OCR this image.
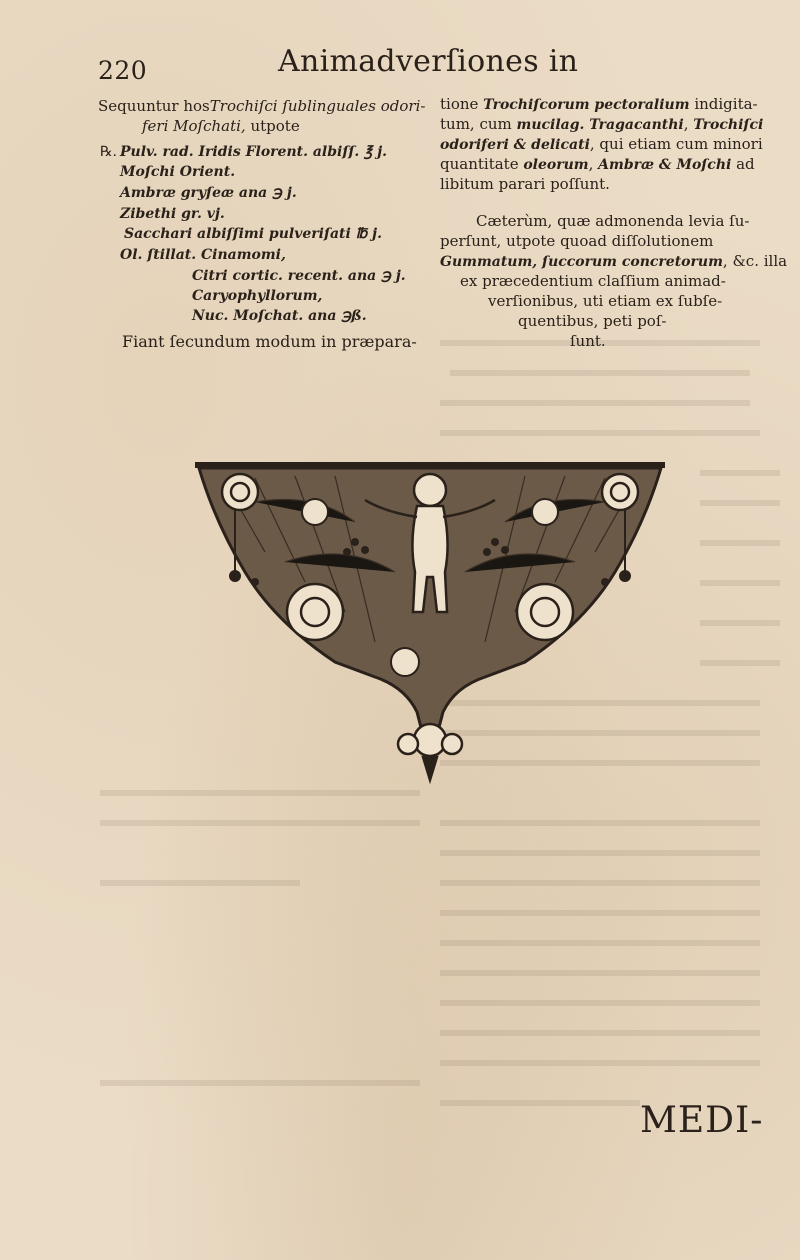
220	Animadverſiones in
Sequuntur hosTrochiſci ſublinguales odori-
feri Moſchati, utpote
℞. Pulv. rad. Iridis Florent. albiſſ. ℥ j.
Moſchi Orient.
Ambræ gryſeæ ana ℈ j.
Zibethi gr. vj.
Sacchari albiſſimi pulveriſati ℔ j.
Ol. ſtillat. Cinamomi,
Citri cortic. recent. ana ℈ j.
Caryophyllorum,
Nuc. Moſchat. ana ℈ß.
Fiant ſecundum modum in præpara-
tione Trochiſcorum pectoralium indigita-
tum, cum mucilag. Tragacanthi, Trochiſci
odoriferi & delicati, qui etiam cum minori
quantitate oleorum, Ambræ & Moſchi ad
libitum parari poſſunt.
Cæterùm, quæ admonenda levia ſu-
perſunt, utpote quoad diſſolutionem
Gummatum, ſuccorum concretorum, &c. illa
ex præcedentium claſſium animad-
verſionibus, uti etiam ex ſubſe-
quentibus, peti poſ-
ſunt.
MEDI-
